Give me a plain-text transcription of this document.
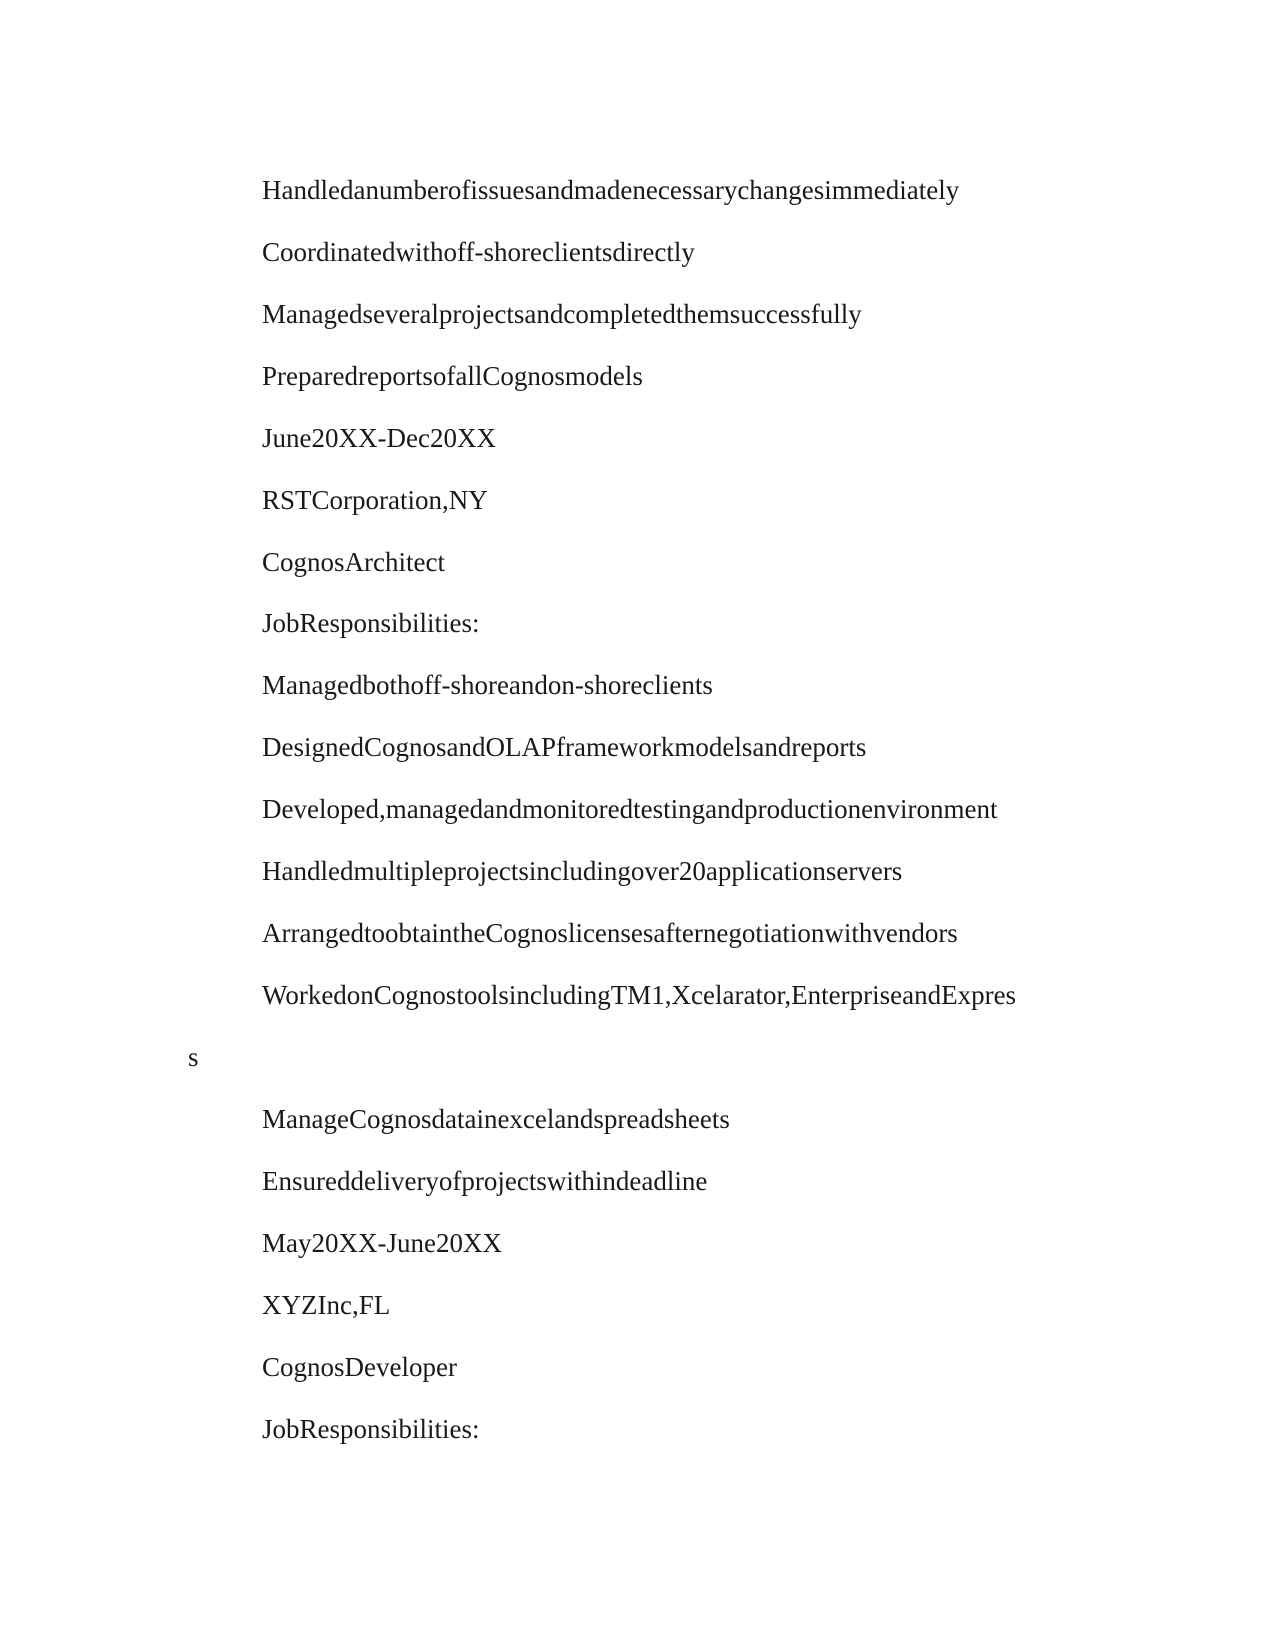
Handledanumberofissuesandmadenecessarychangesimmediately
Coordinatedwithoff-shoreclientsdirectly
Managedseveralprojectsandcompletedthemsuccessfully
PreparedreportsofallCognosmodels
June20XX-Dec20XX
RSTCorporation,NY
CognosArchitect
JobResponsibilities:
Managedbothoff-shoreandon-shoreclients
DesignedCognosandOLAPframeworkmodelsandreports
Developed,managedandmonitoredtestingandproductionenvironment
Handledmultipleprojectsincludingover20applicationservers
ArrangedtoobtaintheCognoslicensesafternegotiationwithvendors
WorkedonCognostoolsincludingTM1,Xcelarator,EnterpriseandExpres
s
ManageCognosdatainexcelandspreadsheets
Ensureddeliveryofprojectswithindeadline
May20XX-June20XX
XYZInc,FL
CognosDeveloper
JobResponsibilities:
